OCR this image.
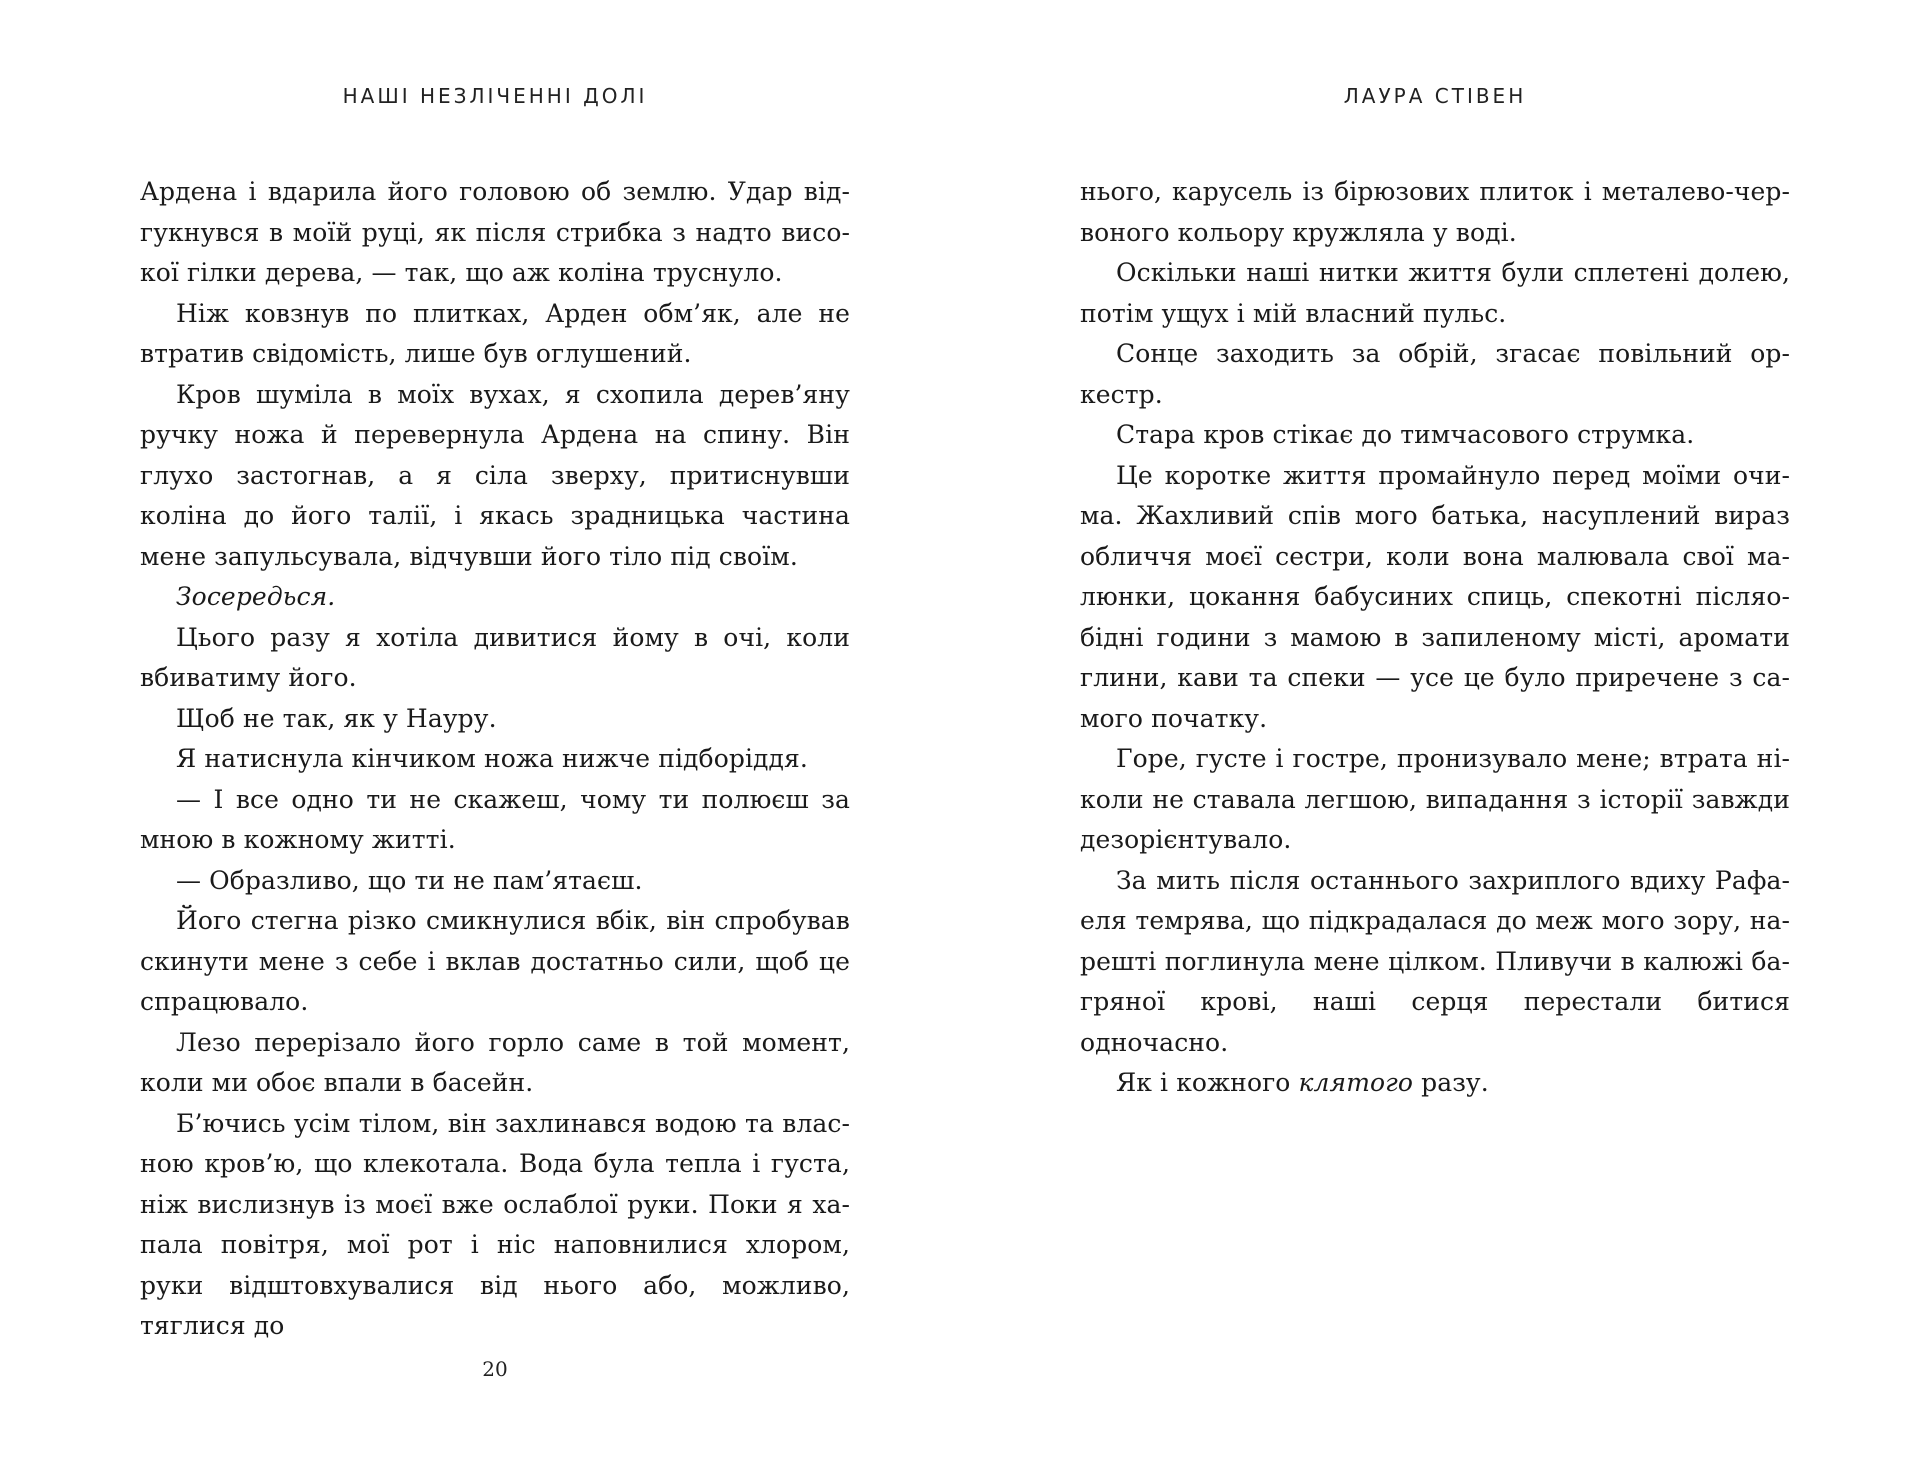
НАШІ НЕЗЛІЧЕННІ ДОЛІ

Ардена і вдарила його головою об землю. Удар відгукнувся в моїй руці, як після стрибка з надто високої гілки дерева, — так, що аж коліна труснуло.

Ніж ковзнув по плитках, Арден обм’як, але не втратив свідомість, лише був оглушений.

Кров шуміла в моїх вухах, я схопила дерев’яну ручку ножа й перевернула Ардена на спину. Він глухо застогнав, а я сіла зверху, притиснувши коліна до його талії, і якась зрадницька частина мене запульсувала, відчувши його тіло під своїм.

Зосередься.

Цього разу я хотіла дивитися йому в очі, коли вбиватиму його.

Щоб не так, як у Науру.

Я натиснула кінчиком ножа нижче підборіддя.

— І все одно ти не скажеш, чому ти полюєш за мною в кожному житті.

— Образливо, що ти не пам’ятаєш.

Його стегна різко смикнулися вбік, він спробував скинути мене з себе і вклав достатньо сили, щоб це спрацювало.

Лезо перерізало його горло саме в той момент, коли ми обоє впали в басейн.

Б’ючись усім тілом, він захлинався водою та власною кров’ю, що клекотала. Вода була тепла і густа, ніж вислизнув із моєї вже ослаблої руки. Поки я хапала повітря, мої рот і ніс наповнилися хлором, руки відштовхувалися від нього або, можливо, тяглися до

20
ЛАУРА СТІВЕН

нього, карусель із бірюзових плиток і металево-червоного кольору кружляла у воді.

Оскільки наші нитки життя були сплетені долею, потім ущух і мій власний пульс.

Сонце заходить за обрій, згасає повільний оркестр.

Стара кров стікає до тимчасового струмка.

Це коротке життя промайнуло перед моїми очима. Жахливий спів мого батька, насуплений вираз обличчя моєї сестри, коли вона малювала свої малюнки, цокання бабусиних спиць, спекотні післяобідні години з мамою в запиленому місті, аромати глини, кави та спеки — усе це було приречене з самого початку.

Горе, густе і гостре, пронизувало мене; втрата ніколи не ставала легшою, випадання з історії завжди дезорієнтувало.

За мить після останнього захриплого вдиху Рафаеля темрява, що підкрадалася до меж мого зору, нарешті поглинула мене цілком. Пливучи в калюжі багряної крові, наші серця перестали битися одночасно.

Як і кожного клятого разу.
